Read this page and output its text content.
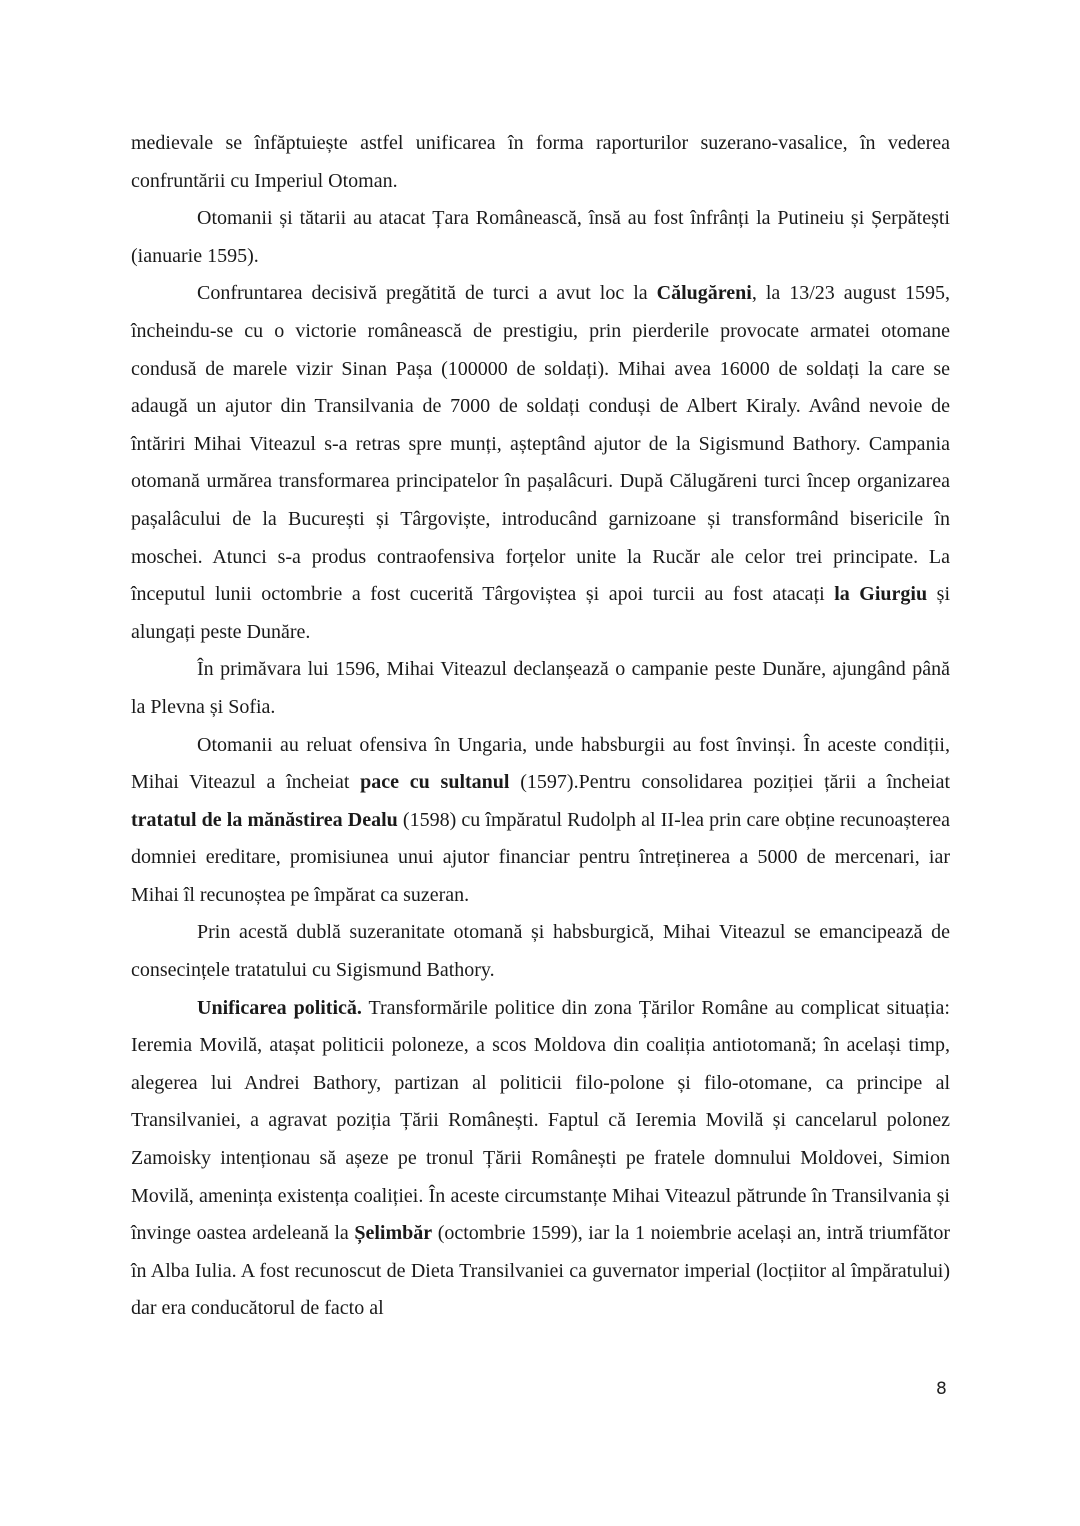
medievale se înfăptuiește astfel unificarea în forma raporturilor suzerano-vasalice, în vederea confruntării cu Imperiul Otoman.

Otomanii și tătarii au atacat Țara Românească, însă au fost înfrânți la Putineiu și Șerpătești (ianuarie 1595).

Confruntarea decisivă pregătită de turci a avut loc la Călugăreni, la 13/23 august 1595, încheindu-se cu o victorie românească de prestigiu, prin pierderile provocate armatei otomane condusă de marele vizir Sinan Pașa (100000 de soldați). Mihai avea 16000 de soldați la care se adaugă un ajutor din Transilvania de 7000 de soldați conduși de Albert Kiraly. Având nevoie de întăriri Mihai Viteazul s-a retras spre munți, așteptând ajutor de la Sigismund Bathory. Campania otomană urmărea transformarea principatelor în pașalâcuri. După Călugăreni turci încep organizarea pașalâcului de la București și Târgoviște, introducând garnizoane și transformând bisericile în moschei. Atunci s-a produs contraofensiva forțelor unite la Rucăr ale celor trei principate. La începutul lunii octombrie a fost cucerită Târgoviștea și apoi turcii au fost atacați la Giurgiu și alungați peste Dunăre.

În primăvara lui 1596, Mihai Viteazul declanșează o campanie peste Dunăre, ajungând până la Plevna și Sofia.

Otomanii au reluat ofensiva în Ungaria, unde habsburgii au fost învinși. În aceste condiții, Mihai Viteazul a încheiat pace cu sultanul (1597).Pentru consolidarea poziției țării a încheiat tratatul de la mănăstirea Dealu (1598) cu împăratul Rudolph al II-lea prin care obține recunoașterea domniei ereditare, promisiunea unui ajutor financiar pentru întreținerea a 5000 de mercenari, iar Mihai îl recunoștea pe împărat ca suzeran.

Prin acestă dublă suzeranitate otomană și habsburgică, Mihai Viteazul se emancipează de consecințele tratatului cu Sigismund Bathory.

Unificarea politică. Transformările politice din zona Țărilor Române au complicat situația: Ieremia Movilă, atașat politicii poloneze, a scos Moldova din coaliția antiotomană; în același timp, alegerea lui Andrei Bathory, partizan al politicii filo-polone și filo-otomane, ca principe al Transilvaniei, a agravat poziția Țării Românești. Faptul că Ieremia Movilă și cancelarul polonez Zamoisky intenționau să așeze pe tronul Țării Românești pe fratele domnului Moldovei, Simion Movilă, amenința existența coaliției. În aceste circumstanțe Mihai Viteazul pătrunde în Transilvania și învinge oastea ardeleană la Șelimbăr (octombrie 1599), iar la 1 noiembrie același an, intră triumfător în Alba Iulia. A fost recunoscut de Dieta Transilvaniei ca guvernator imperial (locțiitor al împăratului) dar era conducătorul de facto al

8
